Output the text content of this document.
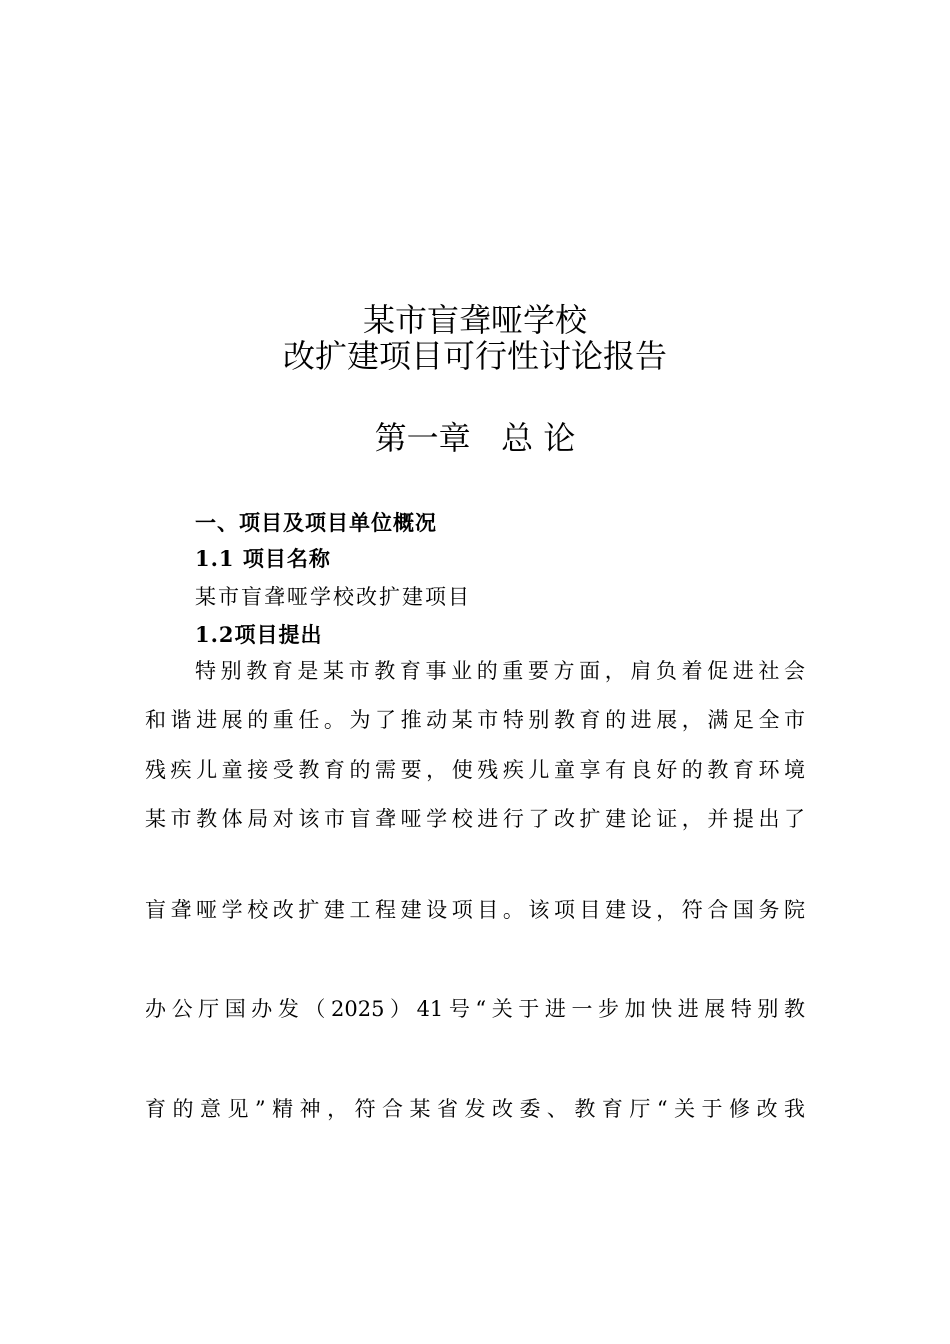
某市盲聋哑学校
改扩建项目可行性讨论报告
第一章   总 论
一、项目及项目单位概况
1.1 项目名称
某市盲聋哑学校改扩建项目
1.2项目提出
特别教育是某市教育事业的重要方面，肩负着促进社会
和谐进展的重任。为了推动某市特别教育的进展，满足全市
残疾儿童接受教育的需要，使残疾儿童享有良好的教育环境
某市教体局对该市盲聋哑学校进行了改扩建论证，并提出了
盲聋哑学校改扩建工程建设项目。该项目建设，符合国务院
办公厅国办发（2025）41号“关于进一步加快进展特别教
育的意见”精神，符合某省发改委、教育厅“关于修改我
